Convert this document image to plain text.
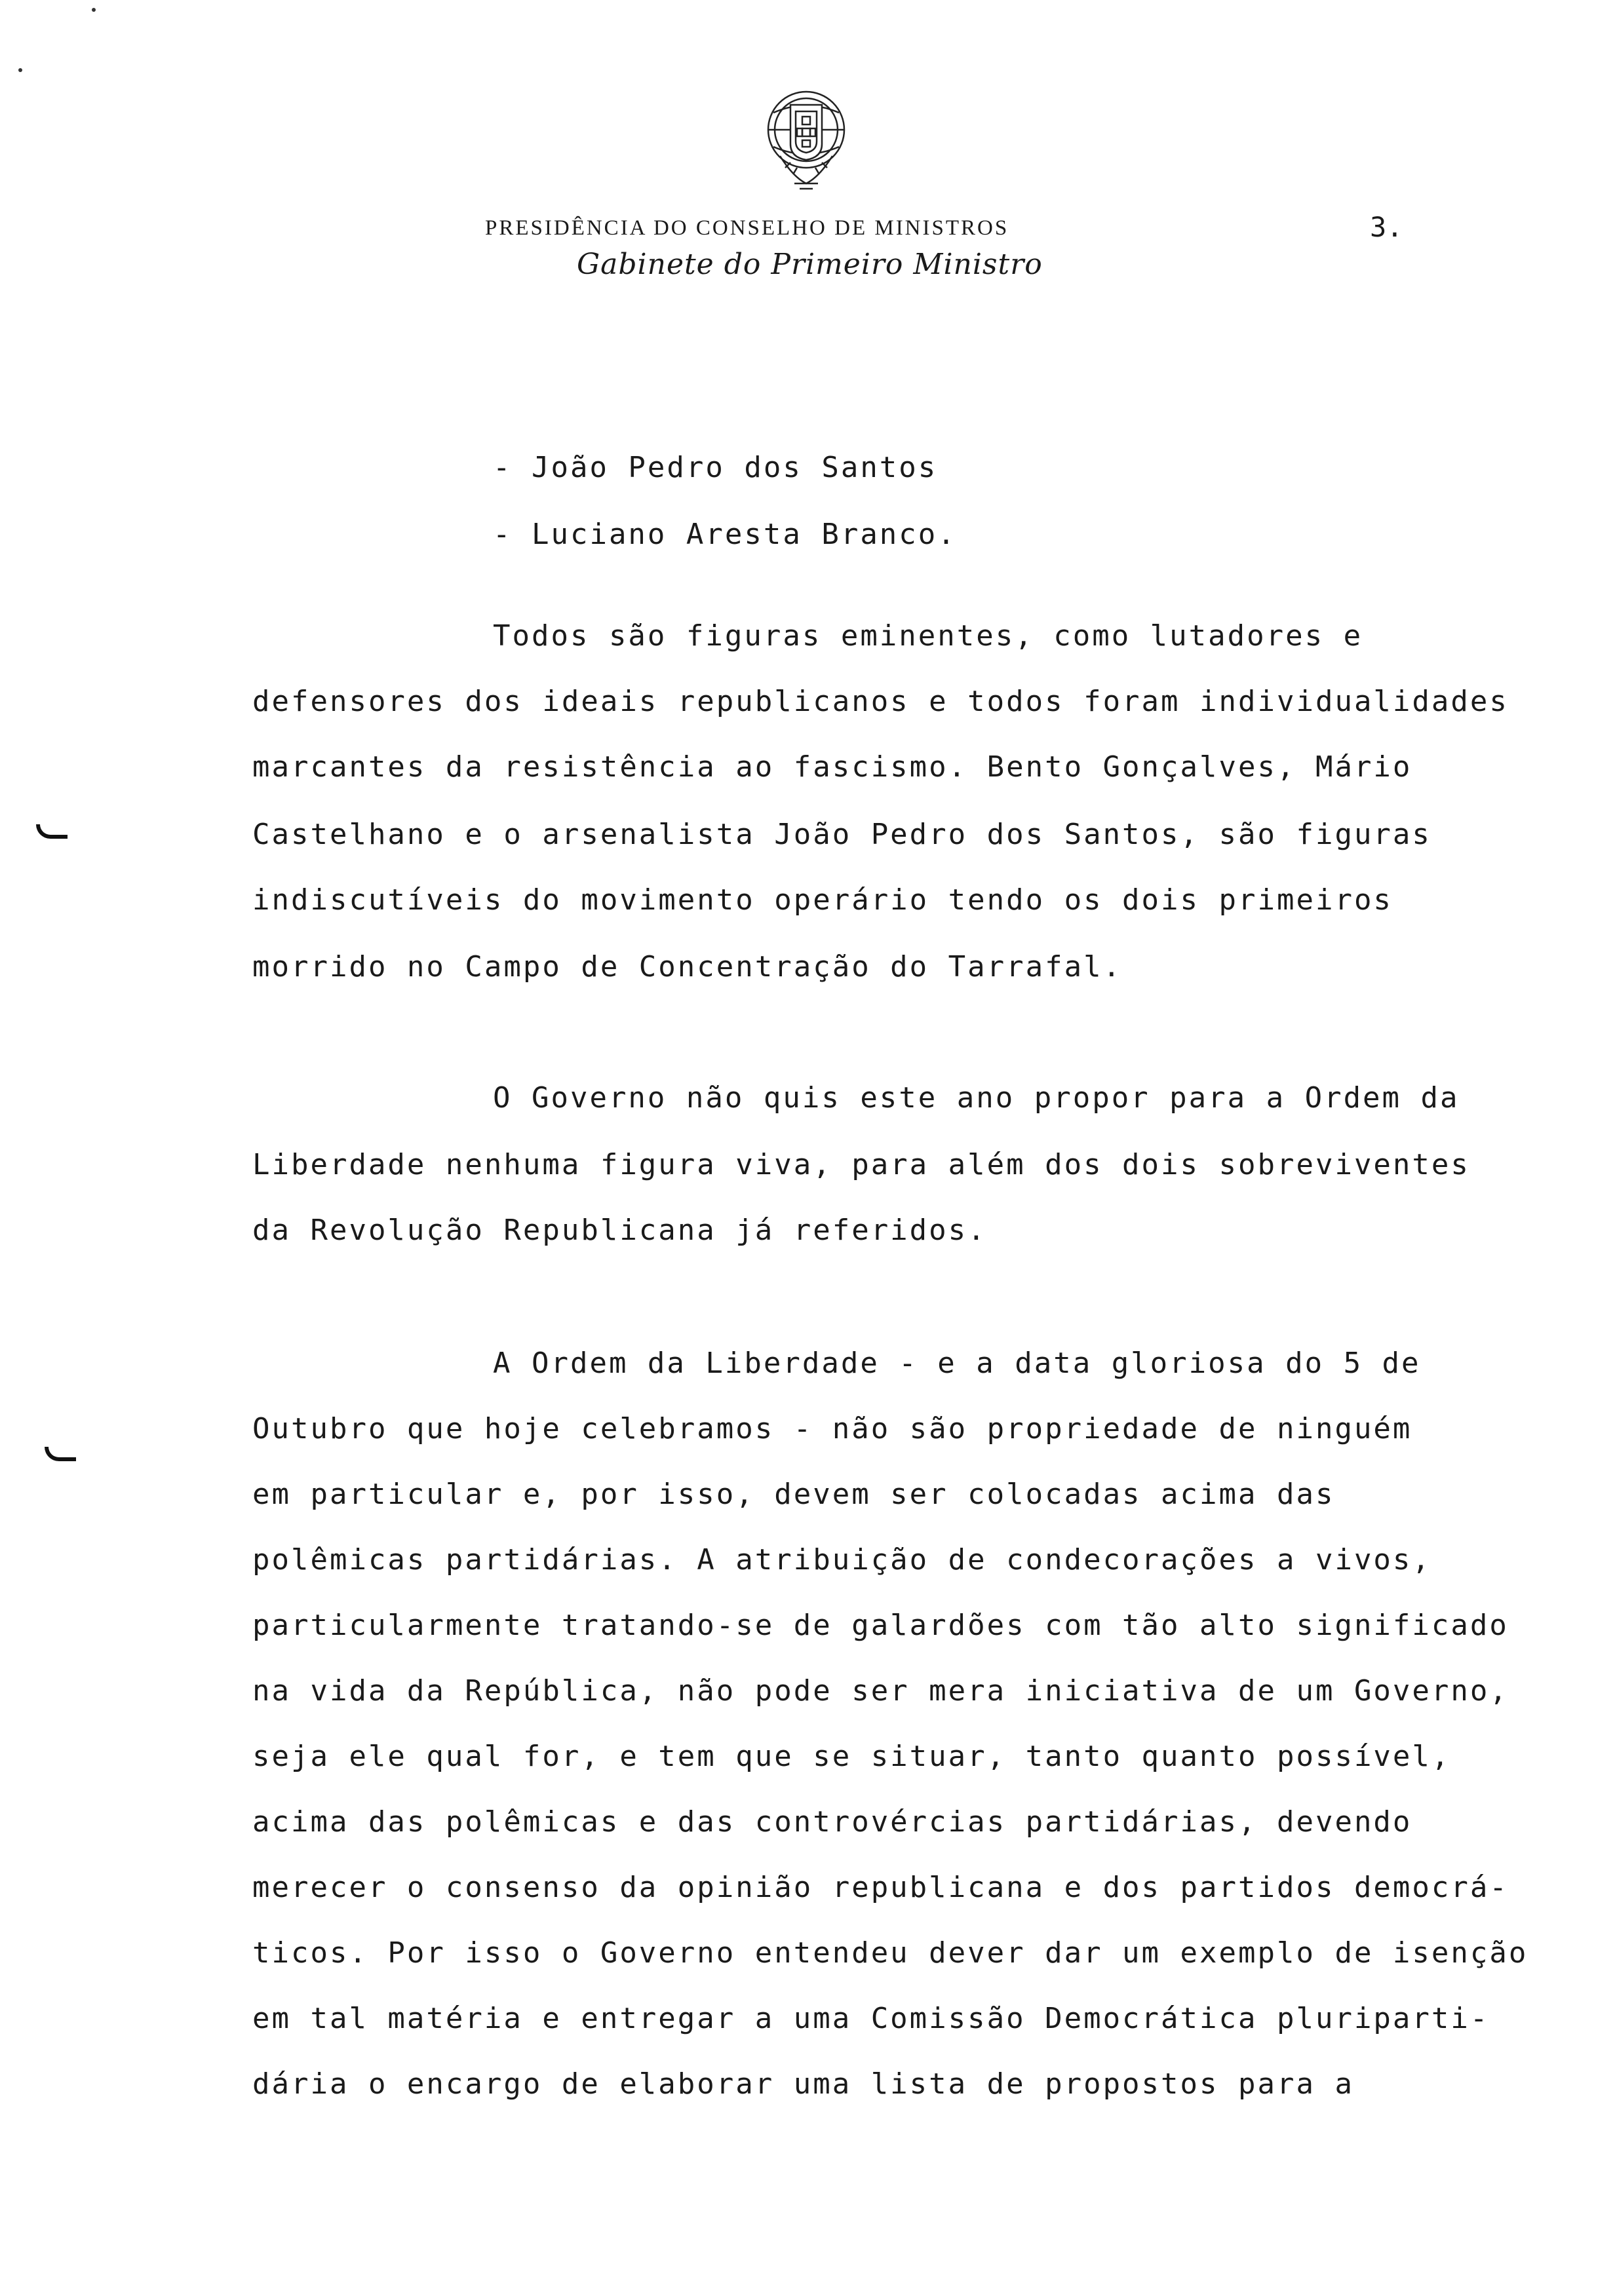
PRESIDÊNCIA DO CONSELHO DE MINISTROS
Gabinete do Primeiro Ministro
3.
- João Pedro dos Santos
- Luciano Aresta Branco.
Todos são figuras eminentes, como lutadores e
defensores dos ideais republicanos e todos foram individualidades
marcantes da resistência ao fascismo. Bento Gonçalves, Mário
Castelhano e o arsenalista João Pedro dos Santos, são figuras
indiscutíveis do movimento operário tendo os dois primeiros
morrido no Campo de Concentração do Tarrafal.
O Governo não quis este ano propor para a Ordem da
Liberdade nenhuma figura viva, para além dos dois sobreviventes
da Revolução Republicana já referidos.
A Ordem da Liberdade - e a data gloriosa do 5 de
Outubro que hoje celebramos - não são propriedade de ninguém
em particular e, por isso, devem ser colocadas acima das
polêmicas partidárias. A atribuição de condecorações a vivos,
particularmente tratando-se de galardões com tão alto significado
na vida da República, não pode ser mera iniciativa de um Governo,
seja ele qual for, e tem que se situar, tanto quanto possível,
acima das polêmicas e das controvércias partidárias, devendo
merecer o consenso da opinião republicana e dos partidos democrá-
ticos. Por isso o Governo entendeu dever dar um exemplo de isenção
em tal matéria e entregar a uma Comissão Democrática pluriparti-
dária o encargo de elaborar uma lista de propostos para a
